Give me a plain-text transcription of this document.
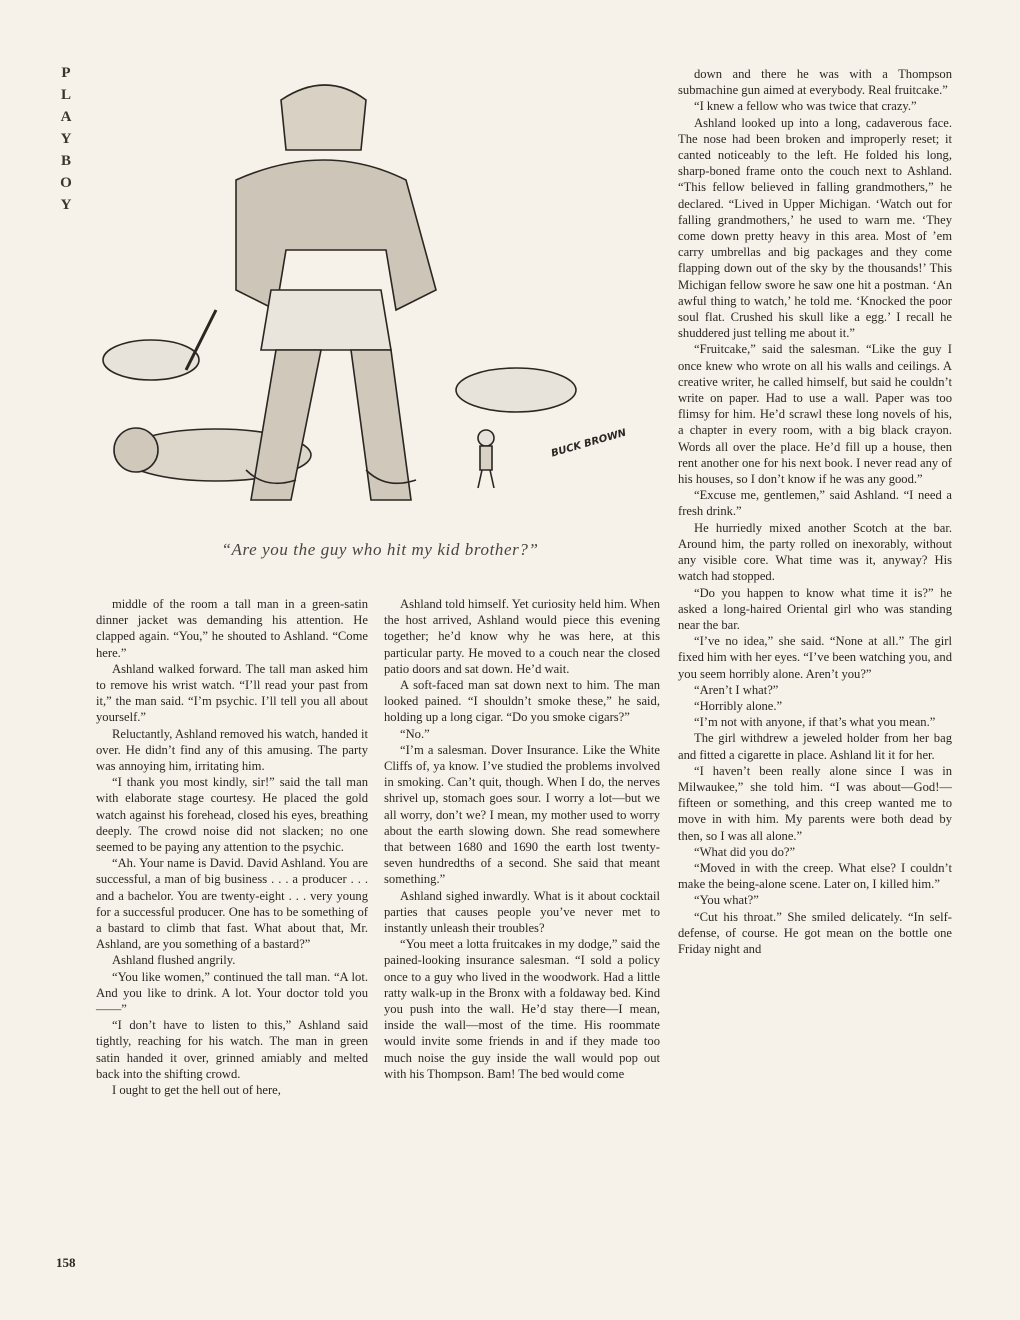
P
L
A
Y
B
O
Y
BUCK BROWN
“Are you the guy who hit my kid brother?”

middle of the room a tall man in a green-satin dinner jacket was demanding his attention. He clapped again. “You,” he shouted to Ashland. “Come here.”

Ashland walked forward. The tall man asked him to remove his wrist watch. “I’ll read your past from it,” the man said. “I’m psychic. I’ll tell you all about yourself.”

Reluctantly, Ashland removed his watch, handed it over. He didn’t find any of this amusing. The party was annoying him, irritating him.

“I thank you most kindly, sir!” said the tall man with elaborate stage courtesy. He placed the gold watch against his forehead, closed his eyes, breathing deeply. The crowd noise did not slacken; no one seemed to be paying any attention to the psychic.

“Ah. Your name is David. David Ashland. You are successful, a man of big business . . . a producer . . . and a bachelor. You are twenty-eight . . . very young for a successful producer. One has to be something of a bastard to climb that fast. What about that, Mr. Ashland, are you something of a bastard?”

Ashland flushed angrily.

“You like women,” continued the tall man. “A lot. And you like to drink. A lot. Your doctor told you——”

“I don’t have to listen to this,” Ashland said tightly, reaching for his watch. The man in green satin handed it over, grinned amiably and melted back into the shifting crowd.

I ought to get the hell out of here,

Ashland told himself. Yet curiosity held him. When the host arrived, Ashland would piece this evening together; he’d know why he was here, at this particular party. He moved to a couch near the closed patio doors and sat down. He’d wait.

A soft-faced man sat down next to him. The man looked pained. “I shouldn’t smoke these,” he said, holding up a long cigar. “Do you smoke cigars?”

“No.”

“I’m a salesman. Dover Insurance. Like the White Cliffs of, ya know. I’ve studied the problems involved in smoking. Can’t quit, though. When I do, the nerves shrivel up, stomach goes sour. I worry a lot—but we all worry, don’t we? I mean, my mother used to worry about the earth slowing down. She read somewhere that between 1680 and 1690 the earth lost twenty-seven hundredths of a second. She said that meant something.”

Ashland sighed inwardly. What is it about cocktail parties that causes people you’ve never met to instantly unleash their troubles?

“You meet a lotta fruitcakes in my dodge,” said the pained-looking insurance salesman. “I sold a policy once to a guy who lived in the woodwork. Had a little ratty walk-up in the Bronx with a foldaway bed. Kind you push into the wall. He’d stay there—I mean, inside the wall—most of the time. His roommate would invite some friends in and if they made too much noise the guy inside the wall would pop out with his Thompson. Bam! The bed would come

down and there he was with a Thompson submachine gun aimed at everybody. Real fruitcake.”

“I knew a fellow who was twice that crazy.”

Ashland looked up into a long, cadaverous face. The nose had been broken and improperly reset; it canted noticeably to the left. He folded his long, sharp-boned frame onto the couch next to Ashland. “This fellow believed in falling grandmothers,” he declared. “Lived in Upper Michigan. ‘Watch out for falling grandmothers,’ he used to warn me. ‘They come down pretty heavy in this area. Most of ’em carry umbrellas and big packages and they come flapping down out of the sky by the thousands!’ This Michigan fellow swore he saw one hit a postman. ‘An awful thing to watch,’ he told me. ‘Knocked the poor soul flat. Crushed his skull like a egg.’ I recall he shuddered just telling me about it.”

“Fruitcake,” said the salesman. “Like the guy I once knew who wrote on all his walls and ceilings. A creative writer, he called himself, but said he couldn’t write on paper. Had to use a wall. Paper was too flimsy for him. He’d scrawl these long novels of his, a chapter in every room, with a big black crayon. Words all over the place. He’d fill up a house, then rent another one for his next book. I never read any of his houses, so I don’t know if he was any good.”

“Excuse me, gentlemen,” said Ashland. “I need a fresh drink.”

He hurriedly mixed another Scotch at the bar. Around him, the party rolled on inexorably, without any visible core. What time was it, anyway? His watch had stopped.

“Do you happen to know what time it is?” he asked a long-haired Oriental girl who was standing near the bar.

“I’ve no idea,” she said. “None at all.” The girl fixed him with her eyes. “I’ve been watching you, and you seem horribly alone. Aren’t you?”

“Aren’t I what?”

“Horribly alone.”

“I’m not with anyone, if that’s what you mean.”

The girl withdrew a jeweled holder from her bag and fitted a cigarette in place. Ashland lit it for her.

“I haven’t been really alone since I was in Milwaukee,” she told him. “I was about—God!—fifteen or something, and this creep wanted me to move in with him. My parents were both dead by then, so I was all alone.”

“What did you do?”

“Moved in with the creep. What else? I couldn’t make the being-alone scene. Later on, I killed him.”

“You what?”

“Cut his throat.” She smiled delicately. “In self-defense, of course. He got mean on the bottle one Friday night and

158
